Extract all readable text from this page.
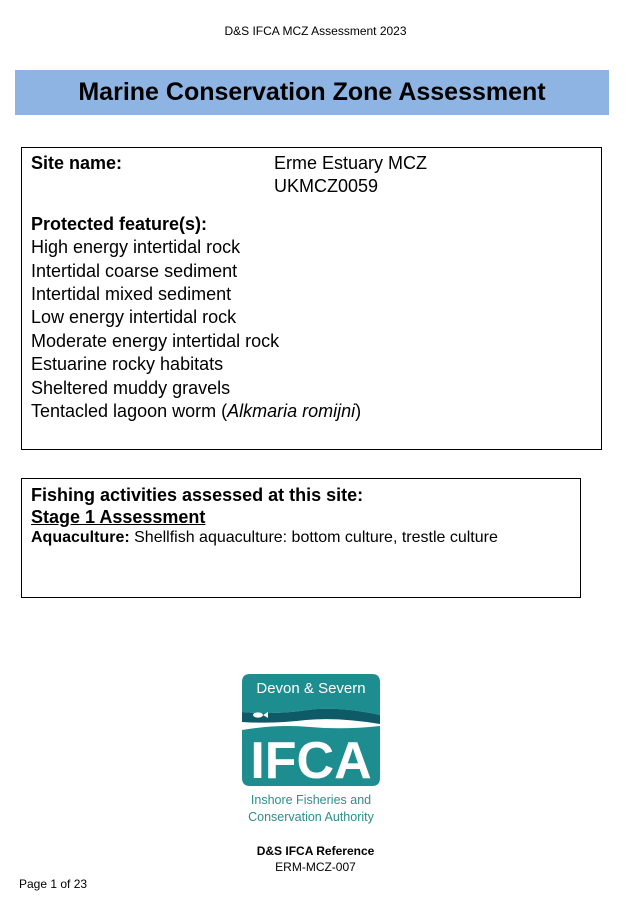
D&S IFCA MCZ Assessment 2023
Marine Conservation Zone Assessment
Site name:	Erme Estuary MCZ
UKMCZ0059
Protected feature(s):
High energy intertidal rock
Intertidal coarse sediment
Intertidal mixed sediment
Low energy intertidal rock
Moderate energy intertidal rock
Estuarine rocky habitats
Sheltered muddy gravels
Tentacled lagoon worm (Alkmaria romijni)
Fishing activities assessed at this site:
Stage 1 Assessment
Aquaculture: Shellfish aquaculture: bottom culture, trestle culture
Devon & Severn
IFCA
Inshore Fisheries and
Conservation Authority
D&S IFCA Reference
ERM-MCZ-007
Page 1 of 23
